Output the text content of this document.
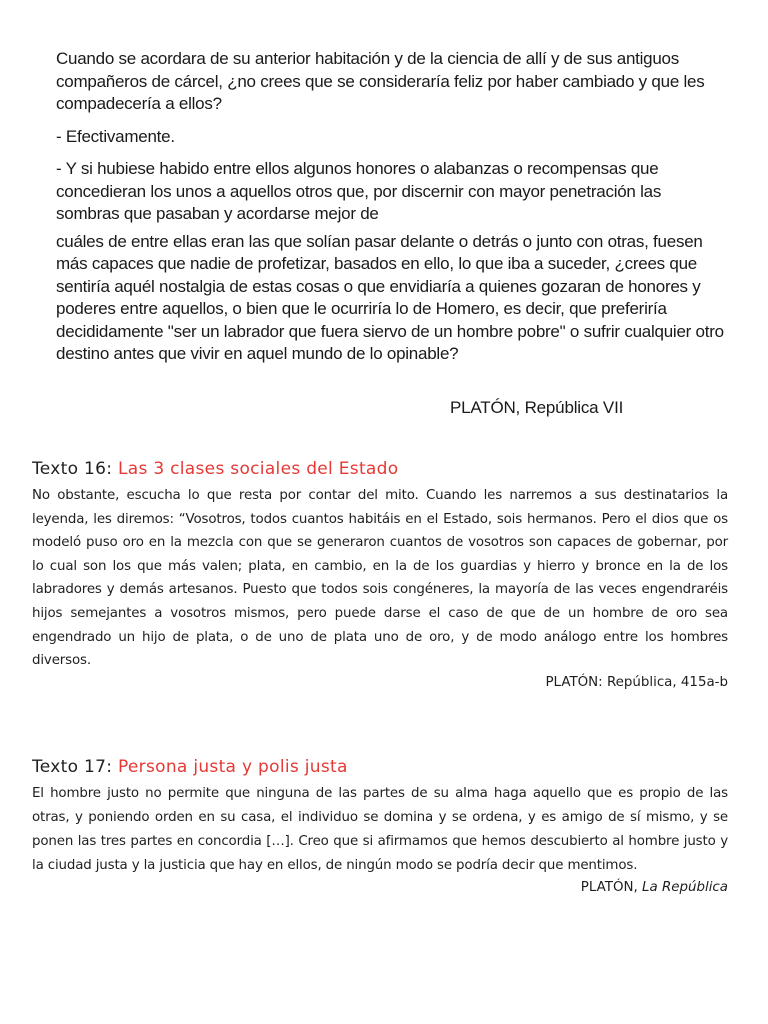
Cuando se acordara de su anterior habitación y de la ciencia de allí y de sus antiguos compañeros de cárcel, ¿no crees que se consideraría feliz por haber cambiado y que les compadecería a ellos?

- Efectivamente.

- Y si hubiese habido entre ellos algunos honores o alabanzas o recompensas que concedieran los unos a aquellos otros que, por discernir con mayor penetración las sombras que pasaban y acordarse mejor de

cuáles de entre ellas eran las que solían pasar delante o detrás o junto con otras, fuesen más capaces que nadie de profetizar, basados en ello, lo que iba a suceder, ¿crees que sentiría aquél nostalgia de estas cosas o que envidiaría a quienes gozaran de honores y poderes entre aquellos, o bien que le ocurriría lo de Homero, es decir, que preferiría decididamente "ser un labrador que fuera siervo de un hombre pobre" o sufrir cualquier otro destino antes que vivir en aquel mundo de lo opinable?

PLATÓN, República VII
Texto 16: Las 3 clases sociales del Estado

No obstante, escucha lo que resta por contar del mito. Cuando les narremos a sus destinatarios la leyenda, les diremos: “Vosotros, todos cuantos habitáis en el Estado, sois hermanos. Pero el dios que os modeló puso oro en la mezcla con que se generaron cuantos de vosotros son capaces de gobernar, por lo cual son los que más valen; plata, en cambio, en la de los guardias y hierro y bronce en la de los labradores y demás artesanos. Puesto que todos sois congéneres, la mayoría de las veces engendraréis hijos semejantes a vosotros mismos, pero puede darse el caso de que de un hombre de oro sea engendrado un hijo de plata, o de uno de plata uno de oro, y de modo análogo entre los hombres diversos.

PLATÓN: República, 415a-b
Texto 17: Persona justa y polis justa

El hombre justo no permite que ninguna de las partes de su alma haga aquello que es propio de las otras, y poniendo orden en su casa, el individuo se domina y se ordena, y es amigo de sí mismo, y se ponen las tres partes en concordia […]. Creo que si afirmamos que hemos descubierto al hombre justo y la ciudad justa y la justicia que hay en ellos, de ningún modo se podría decir que mentimos.

PLATÓN, La República
